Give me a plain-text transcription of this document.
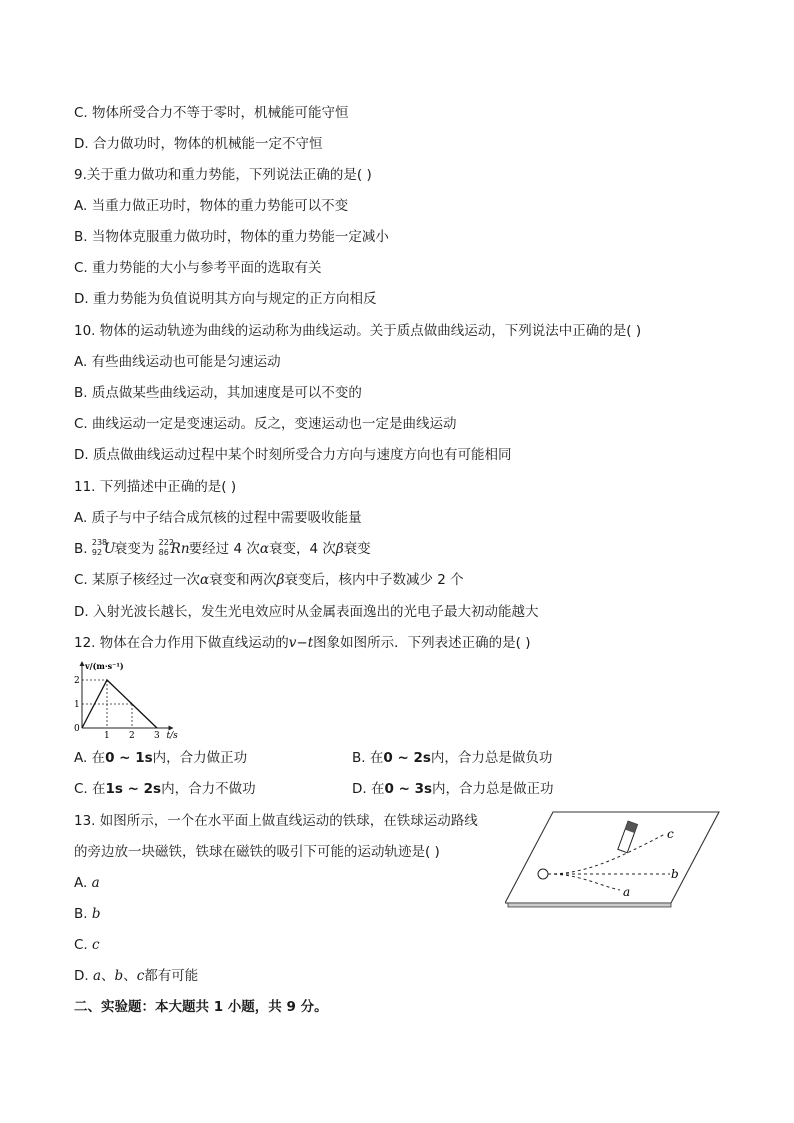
C. 物体所受合力不等于零时，机械能可能守恒
D. 合力做功时，物体的机械能一定不守恒
9.关于重力做功和重力势能，下列说法正确的是( )
A. 当重力做正功时，物体的重力势能可以不变
B. 当物体克服重力做功时，物体的重力势能一定减小
C. 重力势能的大小与参考平面的选取有关
D. 重力势能为负值说明其方向与规定的正方向相反
10. 物体的运动轨迹为曲线的运动称为曲线运动。关于质点做曲线运动，下列说法中正确的是( )
A. 有些曲线运动也可能是匀速运动
B. 质点做某些曲线运动，其加速度是可以不变的
C. 曲线运动一定是变速运动。反之，变速运动也一定是曲线运动
D. 质点做曲线运动过程中某个时刻所受合力方向与速度方向也有可能相同
11. 下列描述中正确的是( )
A. 质子与中子结合成氘核的过程中需要吸收能量
B. 238
92 U
衰变为 222
86 Rn 要经过 4 次α衰变，4 次β衰变
C. 某原子核经过一次α衰变和两次β衰变后，核内中子数减少 2 个
D. 入射光波长越长，发生光电效应时从金属表面逸出的光电子最大初动能越大
12. 物体在合力作用下做直线运动的v−t图象如图所示．下列表述正确的是( )
1 2 3
1
2
0
t/s
v/(m·s⁻¹)
A. 在0 ~ 1s内，合力做正功	B. 在0 ~ 2s内，合力总是做负功
C. 在1s ~ 2s内，合力不做功	D. 在0 ~ 3s内，合力总是做正功
13. 如图所示，一个在水平面上做直线运动的铁球，在铁球运动路线
的旁边放一块磁铁，铁球在磁铁的吸引下可能的运动轨迹是( )
A. a
B. b
C. c
D. a、b、c都有可能
二、实验题：本大题共 1 小题，共 9 分。
c
b
a
